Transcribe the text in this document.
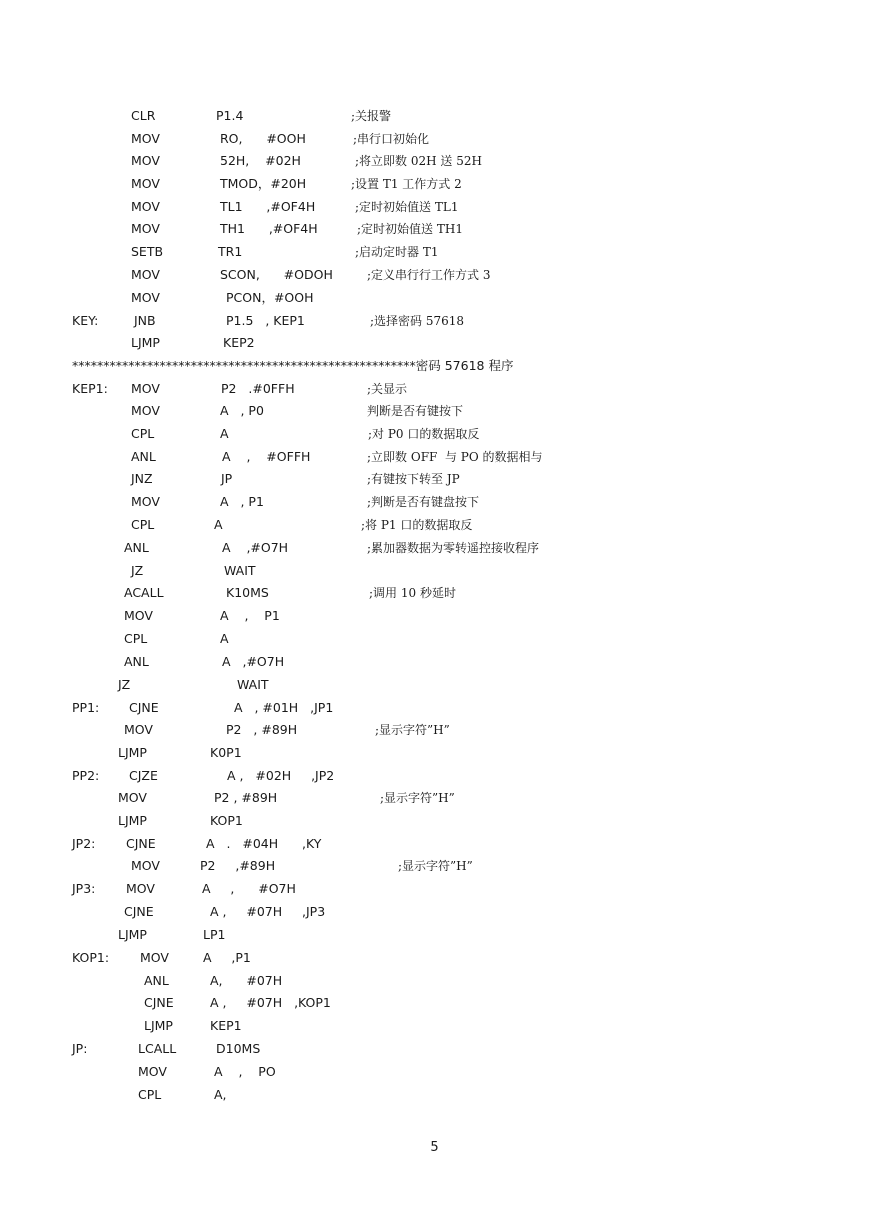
CLR	P1.4	;关报警
MOV	RO,      #OOH	;串行口初始化
MOV	52H,    #02H	;将立即数 02H 送 52H
MOV	TMOD，#20H	;设置 T1 工作方式 2
MOV	TL1      ,#OF4H	;定时初始值送 TL1
MOV	TH1      ,#OF4H	;定时初始值送 TH1
SETB	TR1	;启动定时器 T1
MOV	SCON,      #ODOH	;定义串行行工作方式 3
MOV	PCON，#OOH
KEY:	JNB	P1.5   , KEP1	;选择密码 57618
LJMP	KEP2
*******************************************************密码 57618 程序
KEP1: MOV	P2   .#0FFH	;关显示
MOV	A   , P0	判断是否有键按下
CPL	A	;对 P0 口的数据取反
ANL	A    ,    #OFFH	;立即数 OFF  与 PO 的数据相与
JNZ	JP	;有键按下转至 JP
MOV	A   , P1	;判断是否有键盘按下
CPL	A	;将 P1 口的数据取反
ANL	A    ,#O7H	;累加器数据为零转遥控接收程序
JZ	WAIT
ACALL	K10MS	;调用 10 秒延时
MOV	A    ,    P1
CPL	A
ANL	A   ,#O7H
JZ	WAIT
PP1: CJNE	A   , #01H   ,JP1
MOV	P2   , #89H	;显示字符”H”
LJMP	K0P1
PP2: CJZE	A ,   #02H     ,JP2
MOV	P2 , #89H	;显示字符”H”
LJMP	KOP1
JP2: CJNE	A   .   #04H      ,KY
MOV	P2     ,#89H	;显示字符”H”
JP3: MOV	A     ,      #O7H
CJNE	A ,     #07H     ,JP3
LJMP	LP1
KOP1: MOV	A     ,P1
ANL	A,      #07H
CJNE	A ,     #07H   ,KOP1
LJMP	KEP1
JP:	LCALL	D10MS
MOV	A    ,    PO
CPL	A,
5
